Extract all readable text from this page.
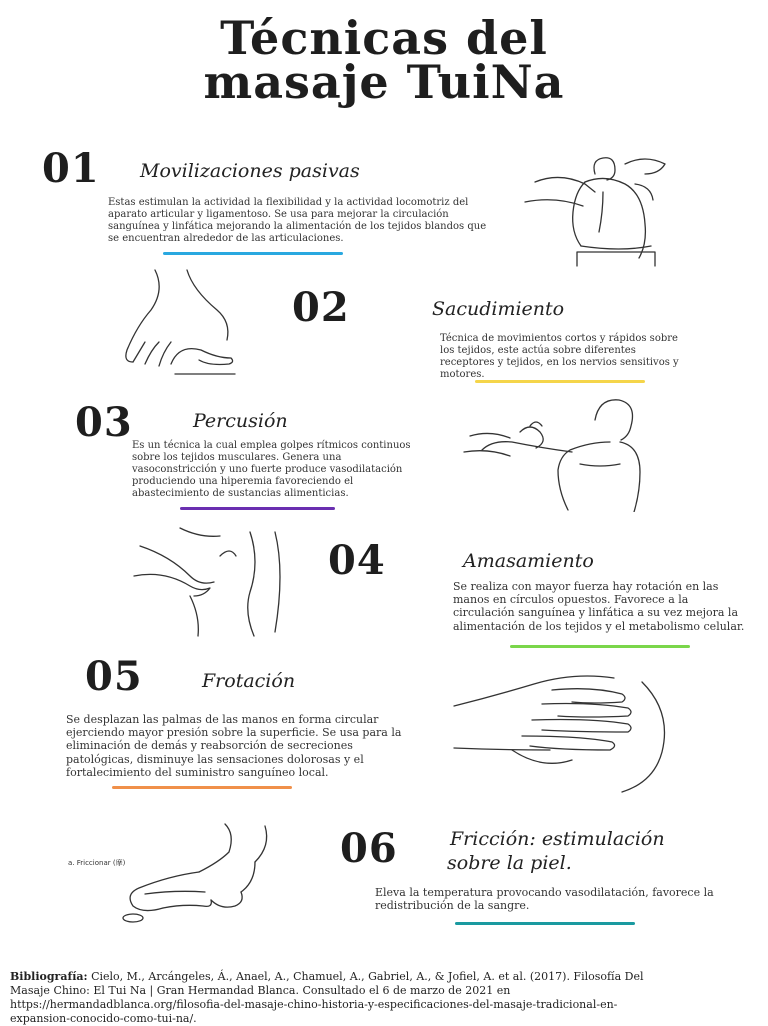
Técnicas del
masaje TuiNa
01 Movilizaciones pasivas
Estas estimulan la actividad la flexibilidad y la actividad locomotriz del aparato articular y ligamentoso. Se usa para mejorar la circulación sanguínea y linfática mejorando la alimentación de los tejidos blandos que se encuentran alrededor de las articulaciones.
02	Sacudimiento
Técnica de movimientos cortos y rápidos sobre los tejidos, este actúa sobre diferentes receptores y tejidos, en los nervios sensitivos y motores.
03	Percusión
Es un técnica la cual emplea golpes rítmicos continuos sobre los tejidos musculares. Genera una vasoconstricción y uno fuerte produce vasodilatación produciendo una hiperemia favoreciendo el abastecimiento de sustancias alimenticias.
04	Amasamiento
Se realiza con mayor fuerza hay rotación en las manos en círculos opuestos. Favorece a la circulación sanguínea y linfática a su vez mejora la alimentación de los tejidos y el metabolismo celular.
05	Frotación
Se desplazan las palmas de las manos en forma circular ejerciendo mayor presión sobre la superficie. Se usa para la eliminación de demás y reabsorción de secreciones patológicas, disminuye las sensaciones dolorosas y el fortalecimiento del suministro sanguíneo local.
a. Friccionar (摩)	06	Fricción: estimulación
sobre la piel.
Eleva la temperatura provocando vasodilatación, favorece la redistribución de la sangre.
Bibliografía: Cielo, M., Arcángeles, Á., Anael, A., Chamuel, A., Gabriel, A., & Jofiel, A. et al. (2017). Filosofía Del Masaje Chino: El Tui Na | Gran Hermandad Blanca. Consultado el 6 de marzo de 2021 en https://hermandadblanca.org/filosofia-del-masaje-chino-historia-y-especificaciones-del-masaje-tradicional-en-expansion-conocido-como-tui-na/.
